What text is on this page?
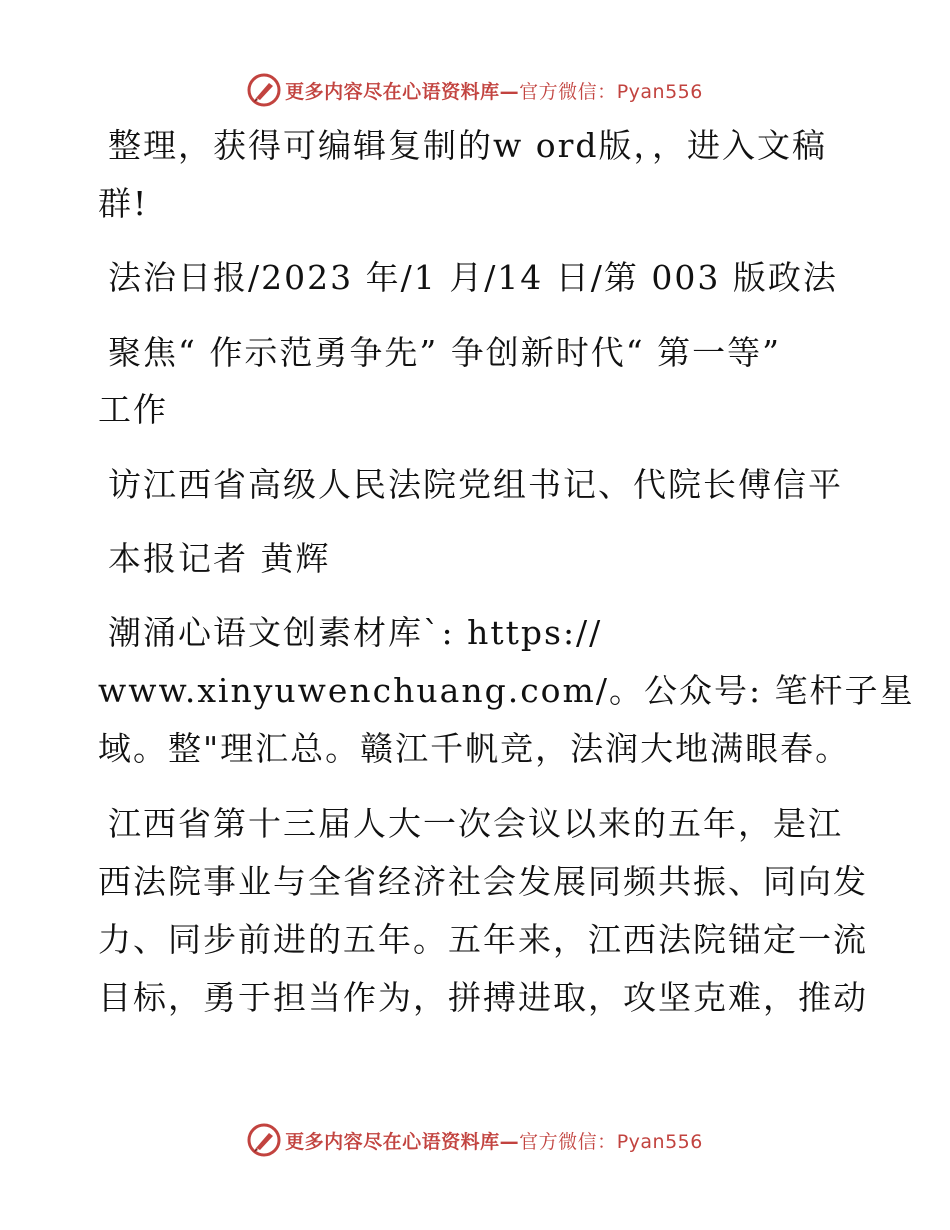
更多内容尽在心语资料库—官方微信：Pyan556
整理，获得可编辑复制的w ord版，，进入文稿
群!
法治日报/2023 年/1 月/14 日/第 003 版政法
聚焦“ 作示范勇争先” 争创新时代“ 第一等”
工作
访江西省高级人民法院党组书记、代院长傅信平
本报记者 黄辉
潮涌心语文创素材库`: https://
www.xinyuwenchuang.com/。公众号: 笔杆子星
域。整"理汇总。赣江千帆竞，法润大地满眼春。
江西省第十三届人大一次会议以来的五年，是江
西法院事业与全省经济社会发展同频共振、同向发
力、同步前进的五年。五年来，江西法院锚定一流
目标，勇于担当作为，拼搏进取，攻坚克难，推动
更多内容尽在心语资料库—官方微信：Pyan556
